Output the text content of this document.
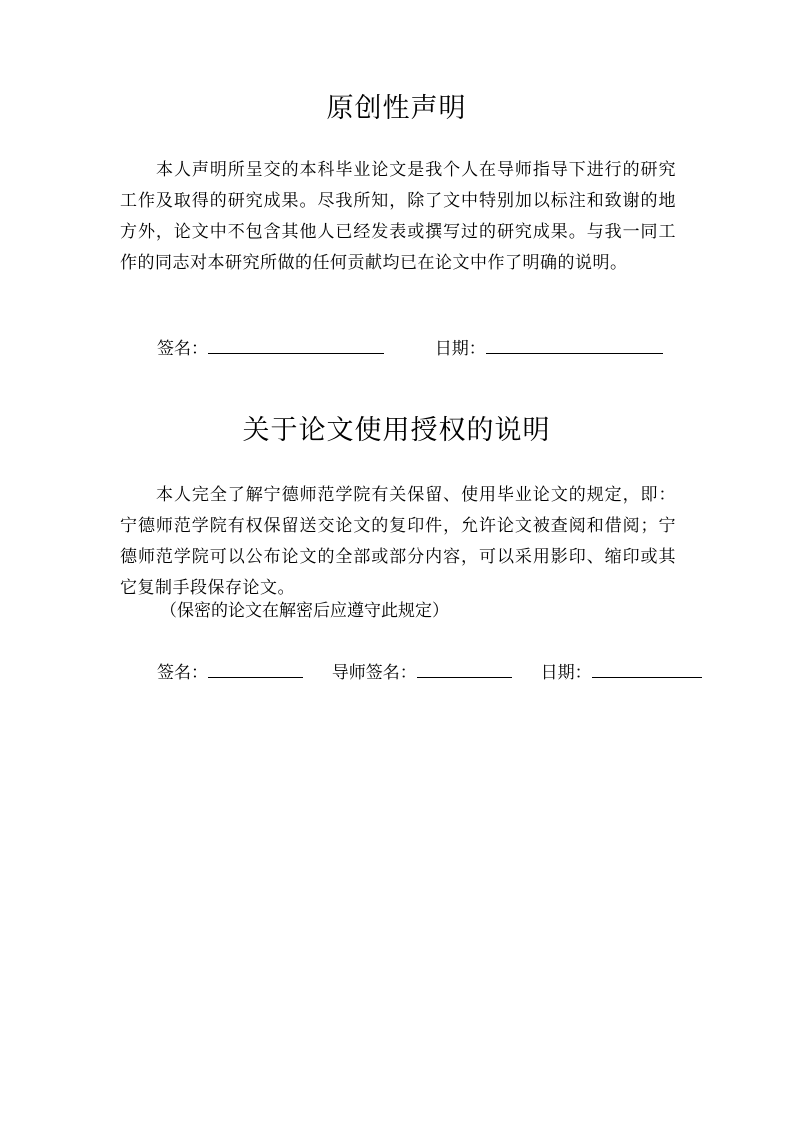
原创性声明
本人声明所呈交的本科毕业论文是我个人在导师指导下进行的研究工作及取得的研究成果。尽我所知，除了文中特别加以标注和致谢的地方外，论文中不包含其他人已经发表或撰写过的研究成果。与我一同工作的同志对本研究所做的任何贡献均已在论文中作了明确的说明。
签名：	日期：
关于论文使用授权的说明
本人完全了解宁德师范学院有关保留、使用毕业论文的规定，即：宁德师范学院有权保留送交论文的复印件，允许论文被查阅和借阅；宁德师范学院可以公布论文的全部或部分内容，可以采用影印、缩印或其它复制手段保存论文。
（保密的论文在解密后应遵守此规定）
签名：	导师签名：	日期：
